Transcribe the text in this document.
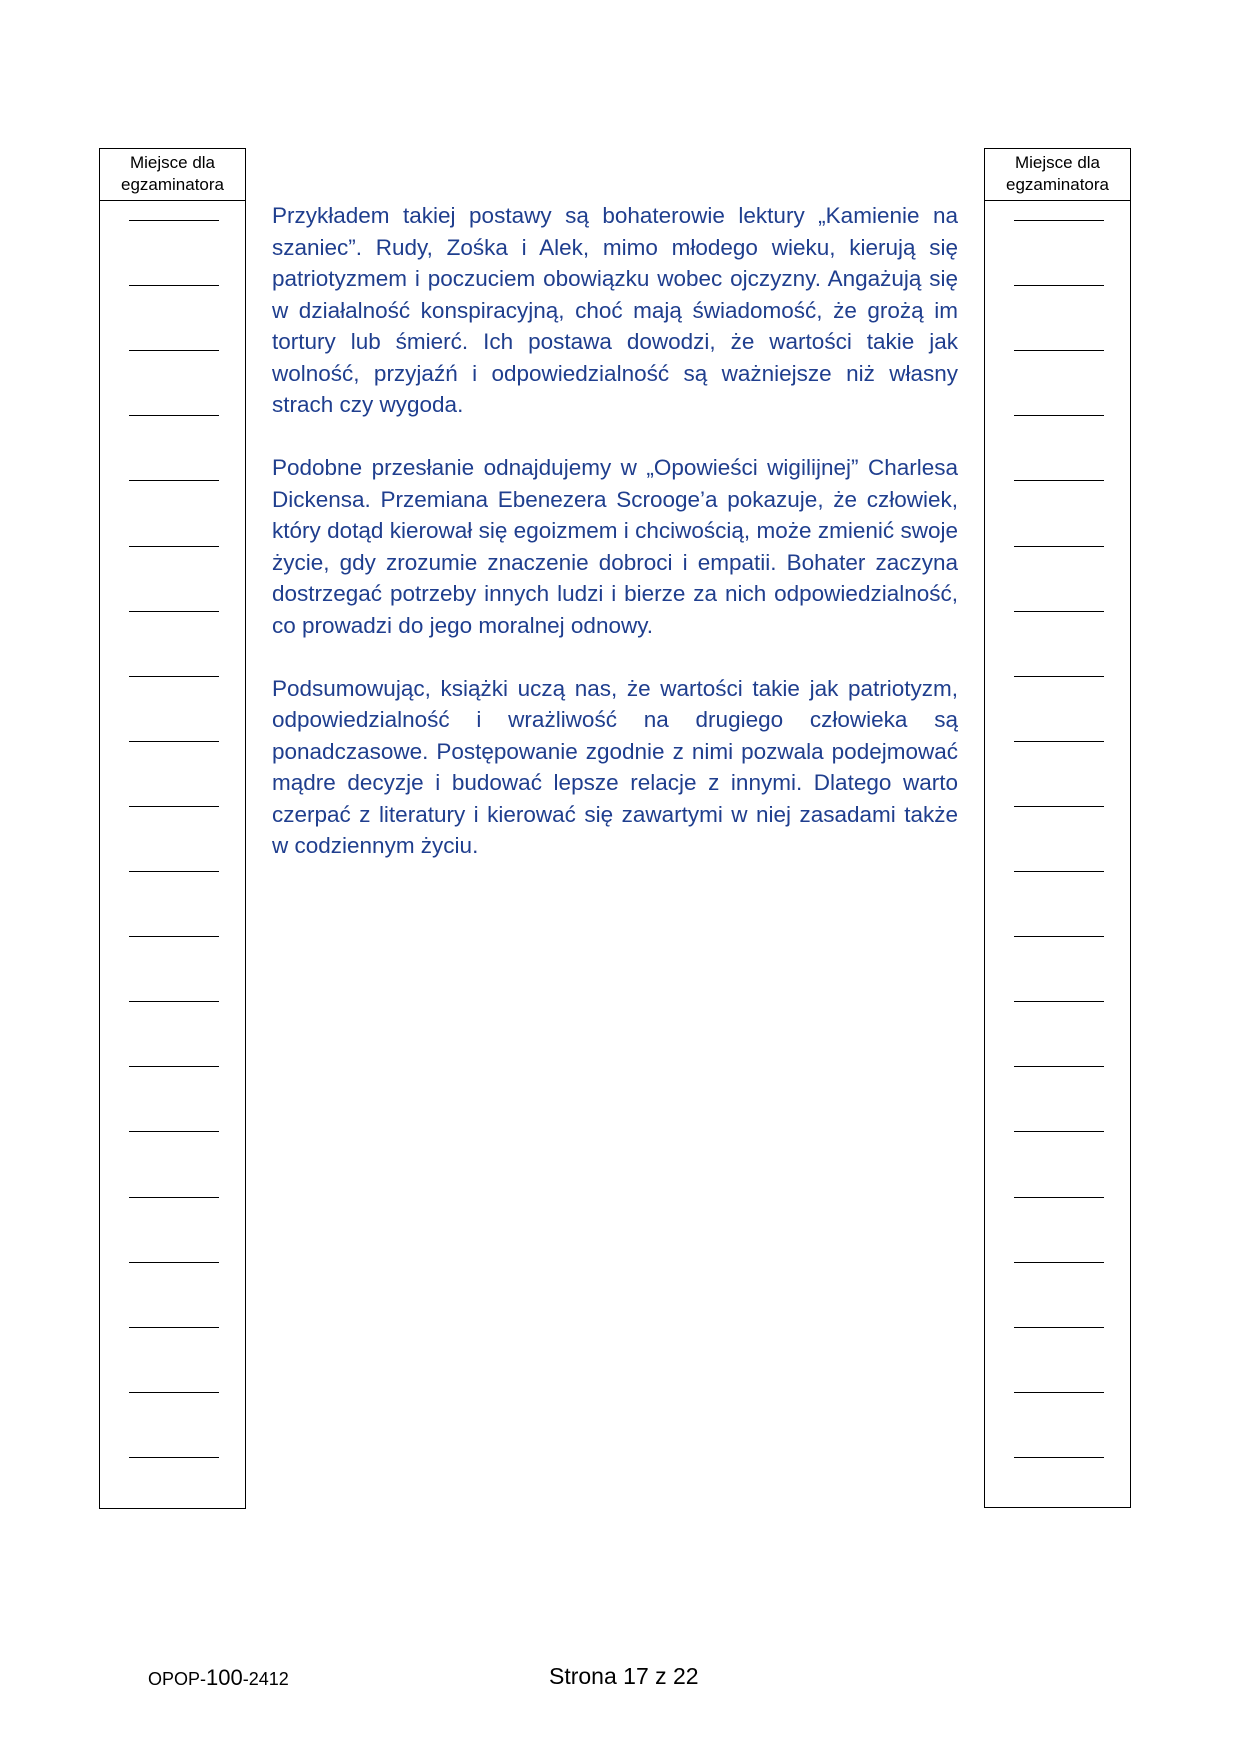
Miejsce dla
egzaminatora
Miejsce dla
egzaminatora

Przykładem takiej postawy są bohaterowie lektury „Kamienie na szaniec”. Rudy, Zośka i Alek, mimo młodego wieku, kierują się patriotyzmem i poczuciem obowiązku wobec ojczyzny. Angażują się w działalność konspiracyjną, choć mają świadomość, że grożą im tortury lub śmierć. Ich postawa dowodzi, że wartości takie jak wolność, przyjaźń i odpowiedzialność są ważniejsze niż własny strach czy wygoda.

Podobne przesłanie odnajdujemy w „Opowieści wigilijnej” Charlesa Dickensa. Przemiana Ebenezera Scrooge’a pokazuje, że człowiek, który dotąd kierował się egoizmem i chciwością, może zmienić swoje życie, gdy zrozumie znaczenie dobroci i empatii. Bohater zaczyna dostrzegać potrzeby innych ludzi i bierze za nich odpowiedzialność, co prowadzi do jego moralnej odnowy.

Podsumowując, książki uczą nas, że wartości takie jak patriotyzm, odpowiedzialność i wrażliwość na drugiego człowieka są ponadczasowe. Postępowanie zgodnie z nimi pozwala podejmować mądre decyzje i budować lepsze relacje z innymi. Dlatego warto czerpać z literatury i kierować się zawartymi w niej zasadami także w codziennym życiu.

OPOP-100-2412	Strona 17 z 22
